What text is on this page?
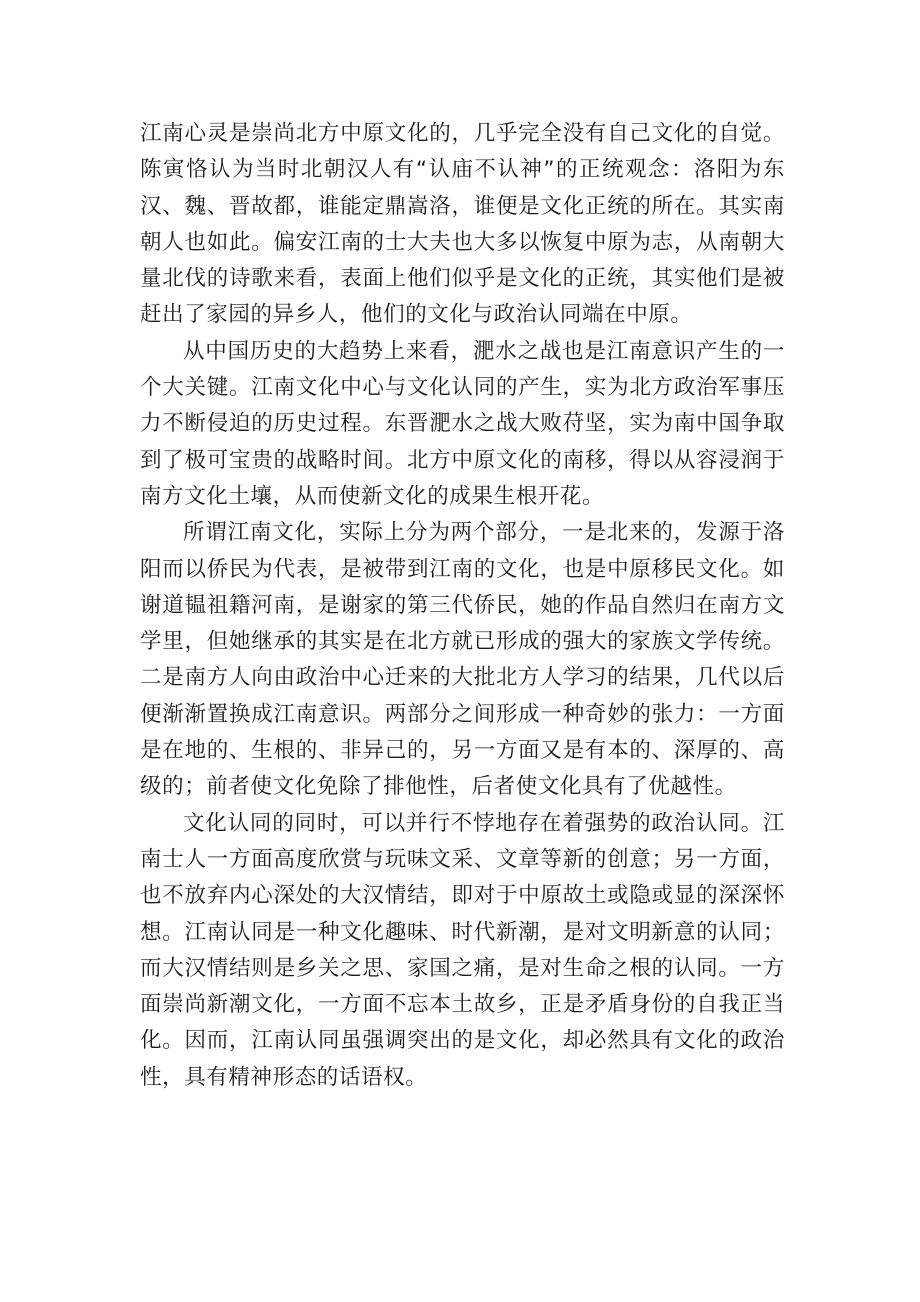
江南心灵是崇尚北方中原文化的，几乎完全没有自己文化的自觉。陈寅恪认为当时北朝汉人有“认庙不认神”的正统观念：洛阳为东汉、魏、晋故都，谁能定鼎嵩洛，谁便是文化正统的所在。其实南朝人也如此。偏安江南的士大夫也大多以恢复中原为志，从南朝大量北伐的诗歌来看，表面上他们似乎是文化的正统，其实他们是被赶出了家园的异乡人，他们的文化与政治认同端在中原。

从中国历史的大趋势上来看，淝水之战也是江南意识产生的一个大关键。江南文化中心与文化认同的产生，实为北方政治军事压力不断侵迫的历史过程。东晋淝水之战大败苻坚，实为南中国争取到了极可宝贵的战略时间。北方中原文化的南移，得以从容浸润于南方文化土壤，从而使新文化的成果生根开花。

所谓江南文化，实际上分为两个部分，一是北来的，发源于洛阳而以侨民为代表，是被带到江南的文化，也是中原移民文化。如谢道韫祖籍河南，是谢家的第三代侨民，她的作品自然归在南方文学里，但她继承的其实是在北方就已形成的强大的家族文学传统。二是南方人向由政治中心迁来的大批北方人学习的结果，几代以后便渐渐置换成江南意识。两部分之间形成一种奇妙的张力：一方面是在地的、生根的、非异己的，另一方面又是有本的、深厚的、高级的；前者使文化免除了排他性，后者使文化具有了优越性。

文化认同的同时，可以并行不悖地存在着强势的政治认同。江南士人一方面高度欣赏与玩味文采、文章等新的创意；另一方面，也不放弃内心深处的大汉情结，即对于中原故土或隐或显的深深怀想。江南认同是一种文化趣味、时代新潮，是对文明新意的认同；而大汉情结则是乡关之思、家国之痛，是对生命之根的认同。一方面崇尚新潮文化，一方面不忘本土故乡，正是矛盾身份的自我正当化。因而，江南认同虽强调突出的是文化，却必然具有文化的政治性，具有精神形态的话语权。
